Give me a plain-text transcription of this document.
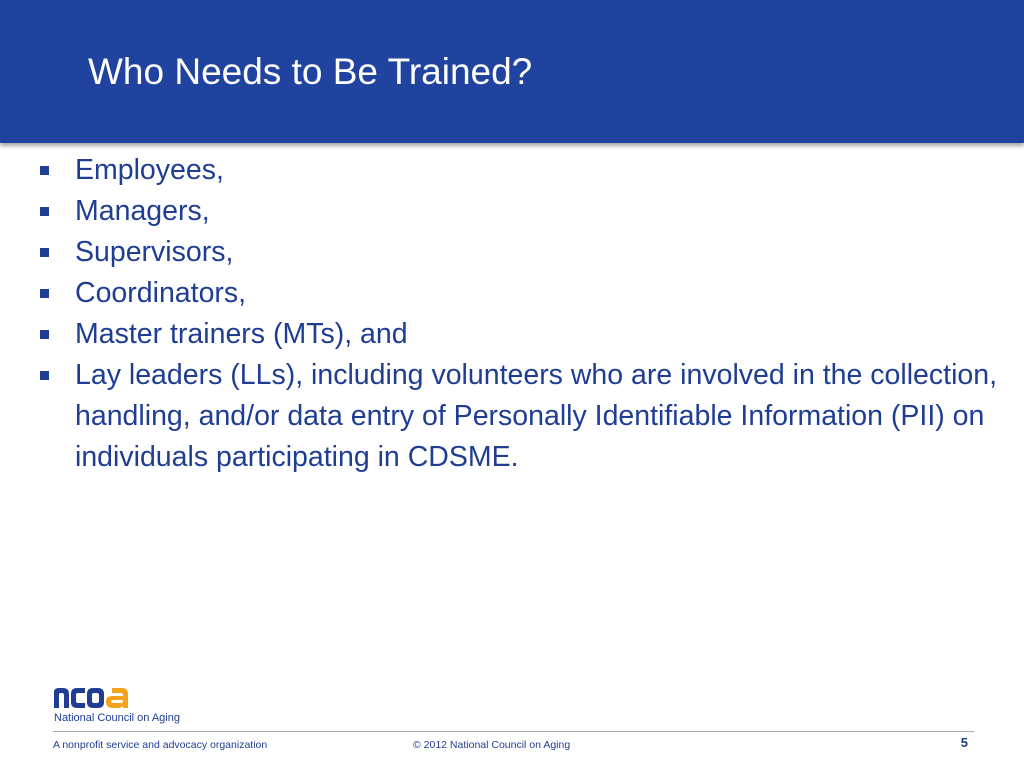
Who Needs to Be Trained?
Employees,
Managers,
Supervisors,
Coordinators,
Master trainers (MTs), and
Lay leaders (LLs), including volunteers who are involved in the collection, handling, and/or data entry of Personally Identifiable Information (PII) on individuals participating in CDSME.
National Council on Aging
A nonprofit service and advocacy organization	© 2012 National Council on Aging	5
